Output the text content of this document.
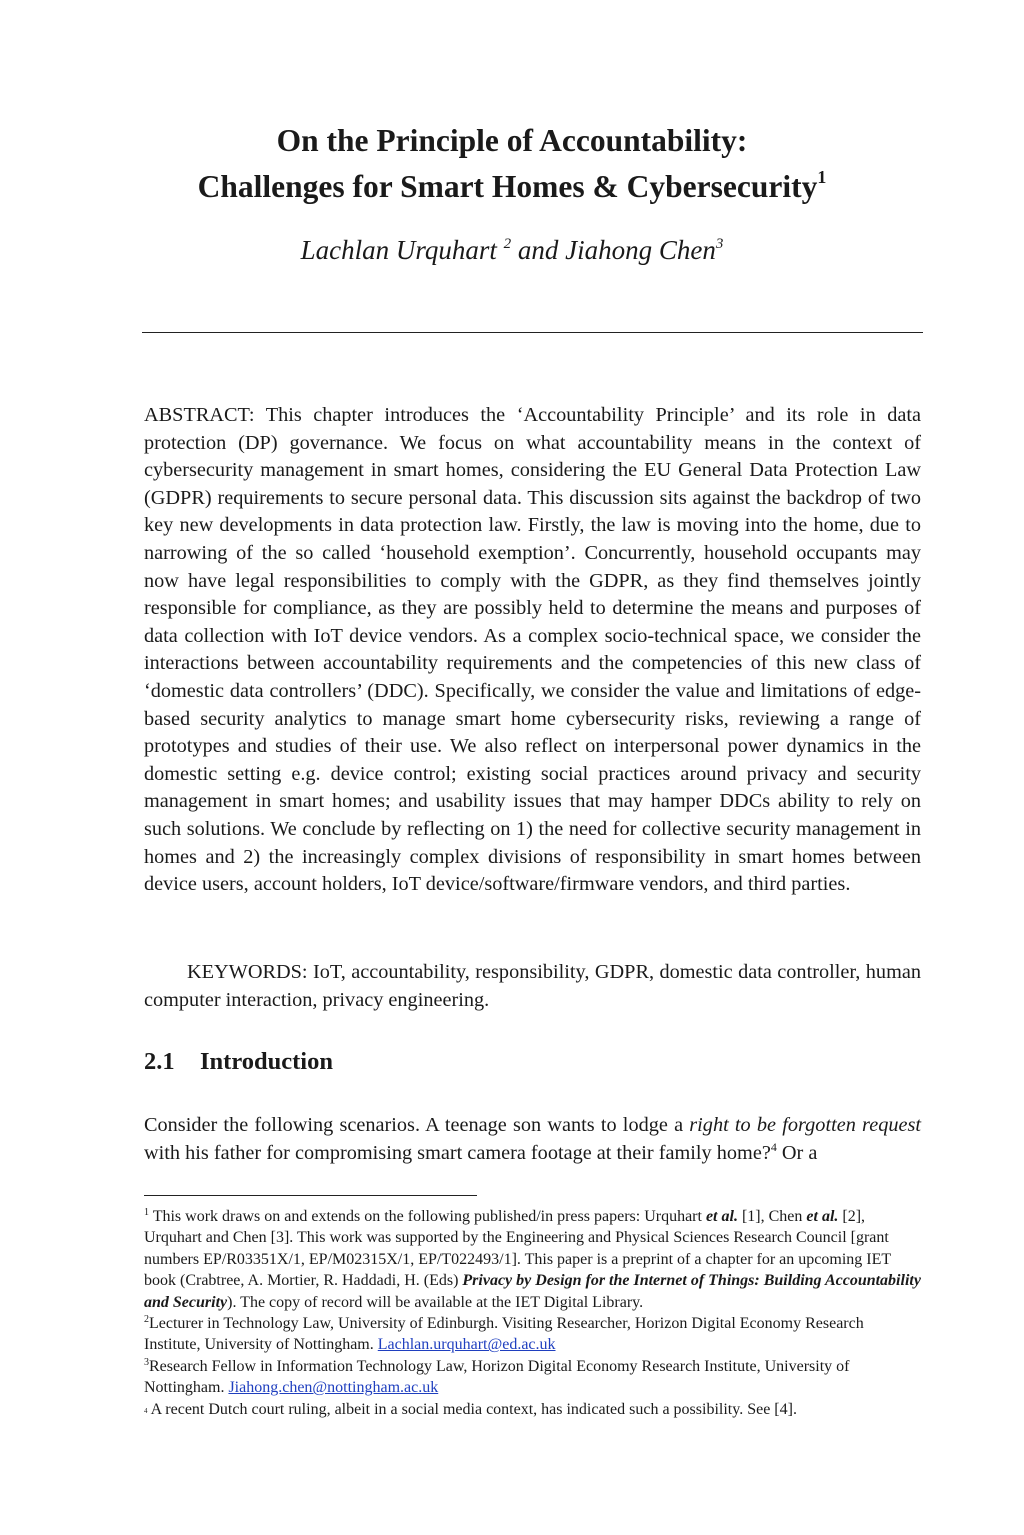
On the Principle of Accountability:
Challenges for Smart Homes & Cybersecurity$^1$

Lachlan Urquhart $^2$ and Jiahong Chen$^3$

ABSTRACT: This chapter introduces the ‘Accountability Principle’ and its role in data protection (DP) governance. We focus on what accountability means in the context of cybersecurity management in smart homes, considering the EU General Data Protection Law (GDPR) requirements to secure personal data. This discussion sits against the backdrop of two key new developments in data protection law. Firstly, the law is moving into the home, due to narrowing of the so called ‘household exemption’. Concurrently, household occupants may now have legal responsibilities to comply with the GDPR, as they find themselves jointly responsible for compliance, as they are possibly held to determine the means and purposes of data collection with IoT device vendors. As a complex socio-technical space, we consider the interactions between accountability requirements and the competencies of this new class of ‘domestic data controllers’ (DDC). Specifically, we consider the value and limitations of edge-based security analytics to manage smart home cybersecurity risks, reviewing a range of prototypes and studies of their use. We also reflect on interpersonal power dynamics in the domestic setting e.g. device control; existing social practices around privacy and security management in smart homes; and usability issues that may hamper DDCs ability to rely on such solutions. We conclude by reflecting on 1) the need for collective security management in homes and 2) the increasingly complex divisions of responsibility in smart homes between device users, account holders, IoT device/software/firmware vendors, and third parties.

KEYWORDS: IoT, accountability, responsibility, GDPR, domestic data controller, human computer interaction, privacy engineering.

2.1 Introduction

Consider the following scenarios. A teenage son wants to lodge a right to be forgotten request with his father for compromising smart camera footage at their family home?$^4$ Or a

$^1$ This work draws on and extends on the following published/in press papers: Urquhart et al. [1], Chen et al. [2], Urquhart and Chen [3]. This work was supported by the Engineering and Physical Sciences Research Council [grant numbers EP/R03351X/1, EP/M02315X/1, EP/T022493/1]. This paper is a preprint of a chapter for an upcoming IET book (Crabtree, A. Mortier, R. Haddadi, H. (Eds) Privacy by Design for the Internet of Things: Building Accountability and Security). The copy of record will be available at the IET Digital Library.

$^2$Lecturer in Technology Law, University of Edinburgh. Visiting Researcher, Horizon Digital Economy Research Institute, University of Nottingham. Lachlan.urquhart@ed.ac.uk

$^3$Research Fellow in Information Technology Law, Horizon Digital Economy Research Institute, University of Nottingham. Jiahong.chen@nottingham.ac.uk

$^4$ A recent Dutch court ruling, albeit in a social media context, has indicated such a possibility. See [4].
